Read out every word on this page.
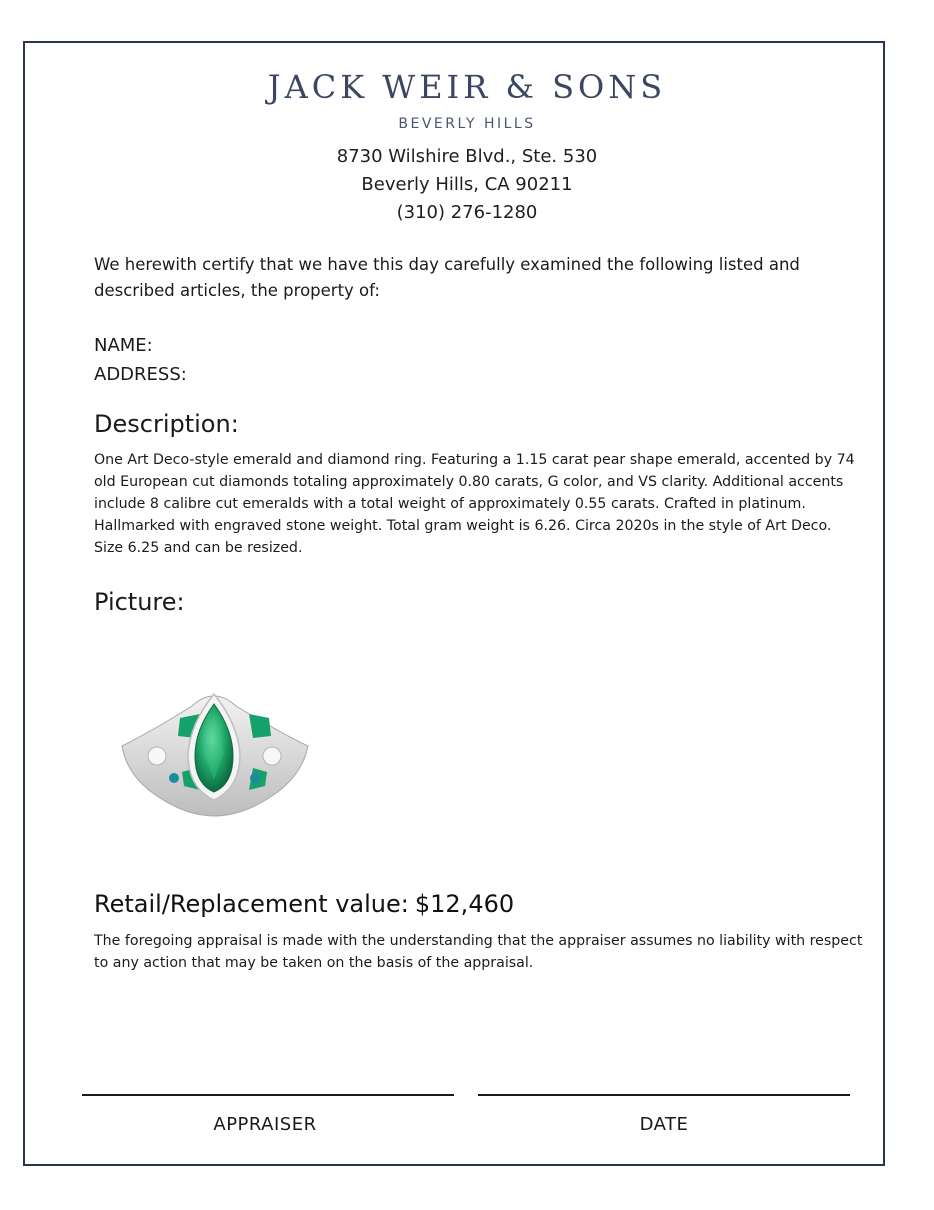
JACK WEIR & SONS
BEVERLY HILLS
8730 Wilshire Blvd., Ste. 530
Beverly Hills, CA 90211
(310) 276-1280
We herewith certify that we have this day carefully examined the following listed and described articles, the property of:
NAME:
ADDRESS:
Description:
One Art Deco-style emerald and diamond ring. Featuring a 1.15 carat pear shape emerald, accented by 74 old European cut diamonds totaling approximately 0.80 carats, G color, and VS clarity. Additional accents include 8 calibre cut emeralds with a total weight of approximately 0.55 carats. Crafted in platinum. Hallmarked with engraved stone weight. Total gram weight is 6.26. Circa 2020s in the style of Art Deco. Size 6.25 and can be resized.
Picture:
Retail/Replacement value: $12,460
The foregoing appraisal is made with the understanding that the appraiser assumes no liability with respect to any action that may be taken on the basis of the appraisal.
APPRAISER	DATE
